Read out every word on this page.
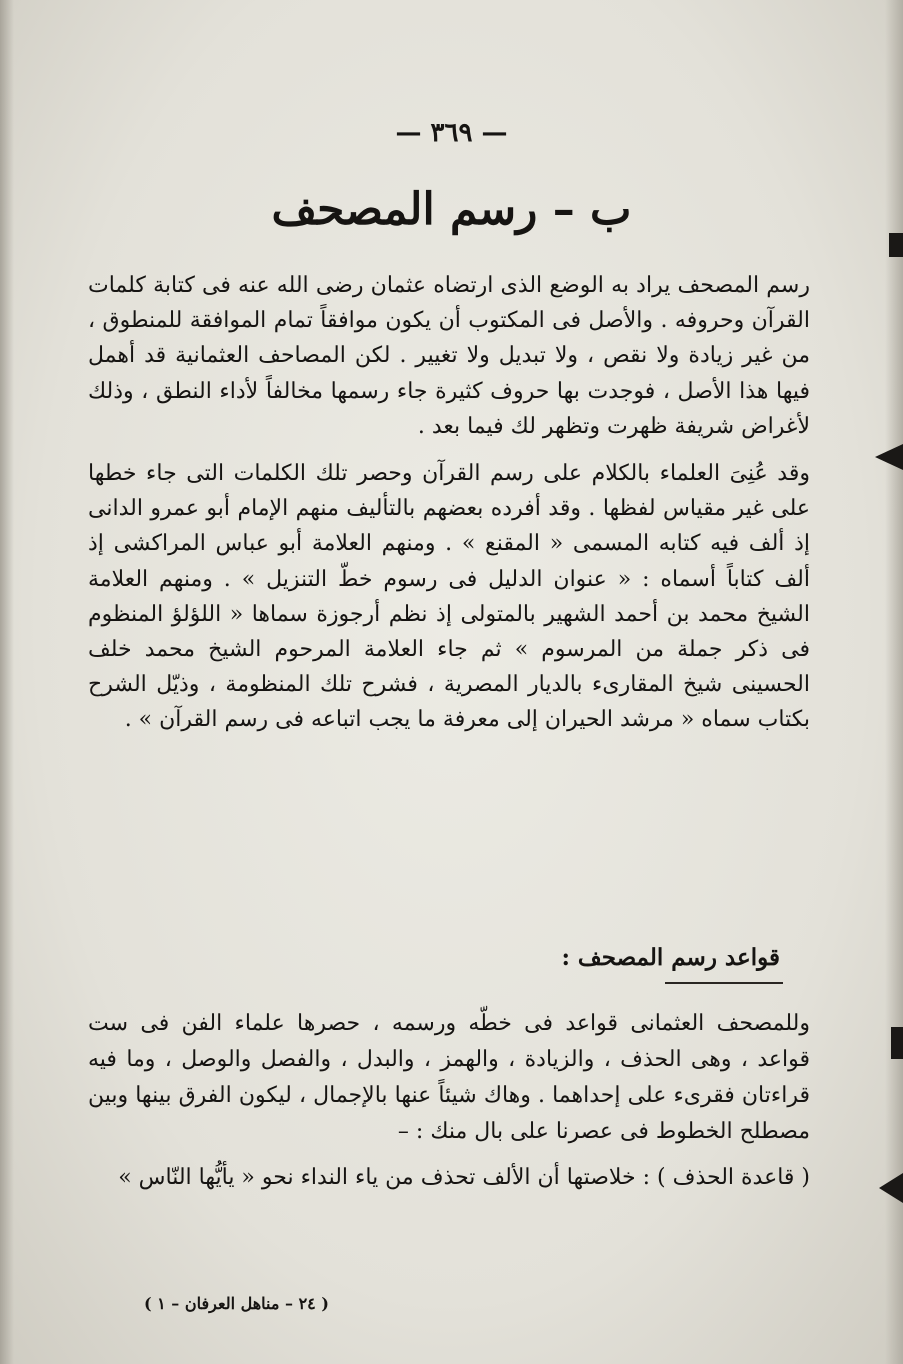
— ٣٦٩ —
ب – رسم المصحف

رسم المصحف يراد به الوضع الذى ارتضاه عثمان رضى الله عنه فى كتابة كلمات القرآن وحروفه . والأصل فى المكتوب أن يكون موافقاً تمام الموافقة للمنطوق ، من غير زيادة ولا نقص ، ولا تبديل ولا تغيير . لكن المصاحف العثمانية قد أهمل فيها هذا الأصل ، فوجدت بها حروف كثيرة جاء رسمها مخالفاً لأداء النطق ، وذلك لأغراض شريفة ظهرت وتظهر لك فيما بعد .

وقد عُنِىَ العلماء بالكلام على رسم القرآن وحصر تلك الكلمات التى جاء خطها على غير مقياس لفظها . وقد أفرده بعضهم بالتأليف منهم الإمام أبو عمرو الدانى إذ ألف فيه كتابه المسمى « المقنع » . ومنهم العلامة أبو عباس المراكشى إذ ألف كتاباً أسماه : « عنوان الدليل فى رسوم خطّ التنزيل » . ومنهم العلامة الشيخ محمد بن أحمد الشهير بالمتولى إذ نظم أرجوزة سماها « اللؤلؤ المنظوم فى ذكر جملة من المرسوم » ثم جاء العلامة المرحوم الشيخ محمد خلف الحسينى شيخ المقارىء بالديار المصرية ، فشرح تلك المنظومة ، وذيّل الشرح بكتاب سماه « مرشد الحيران إلى معرفة ما يجب اتباعه فى رسم القرآن » .

قواعد رسم المصحف :

وللمصحف العثمانى قواعد فى خطّه ورسمه ، حصرها علماء الفن فى ست قواعد ، وهى الحذف ، والزيادة ، والهمز ، والبدل ، والفصل والوصل ، وما فيه قراءتان فقرىء على إحداهما . وهاك شيئاً عنها بالإجمال ، ليكون الفرق بينها وبين مصطلح الخطوط فى عصرنا على بال منك : –

( قاعدة الحذف ) : خلاصتها أن الألف تحذف من ياء النداء نحو « يأيُّها النّاس »

( ٢٤ – مناهل العرفان – ١ )
